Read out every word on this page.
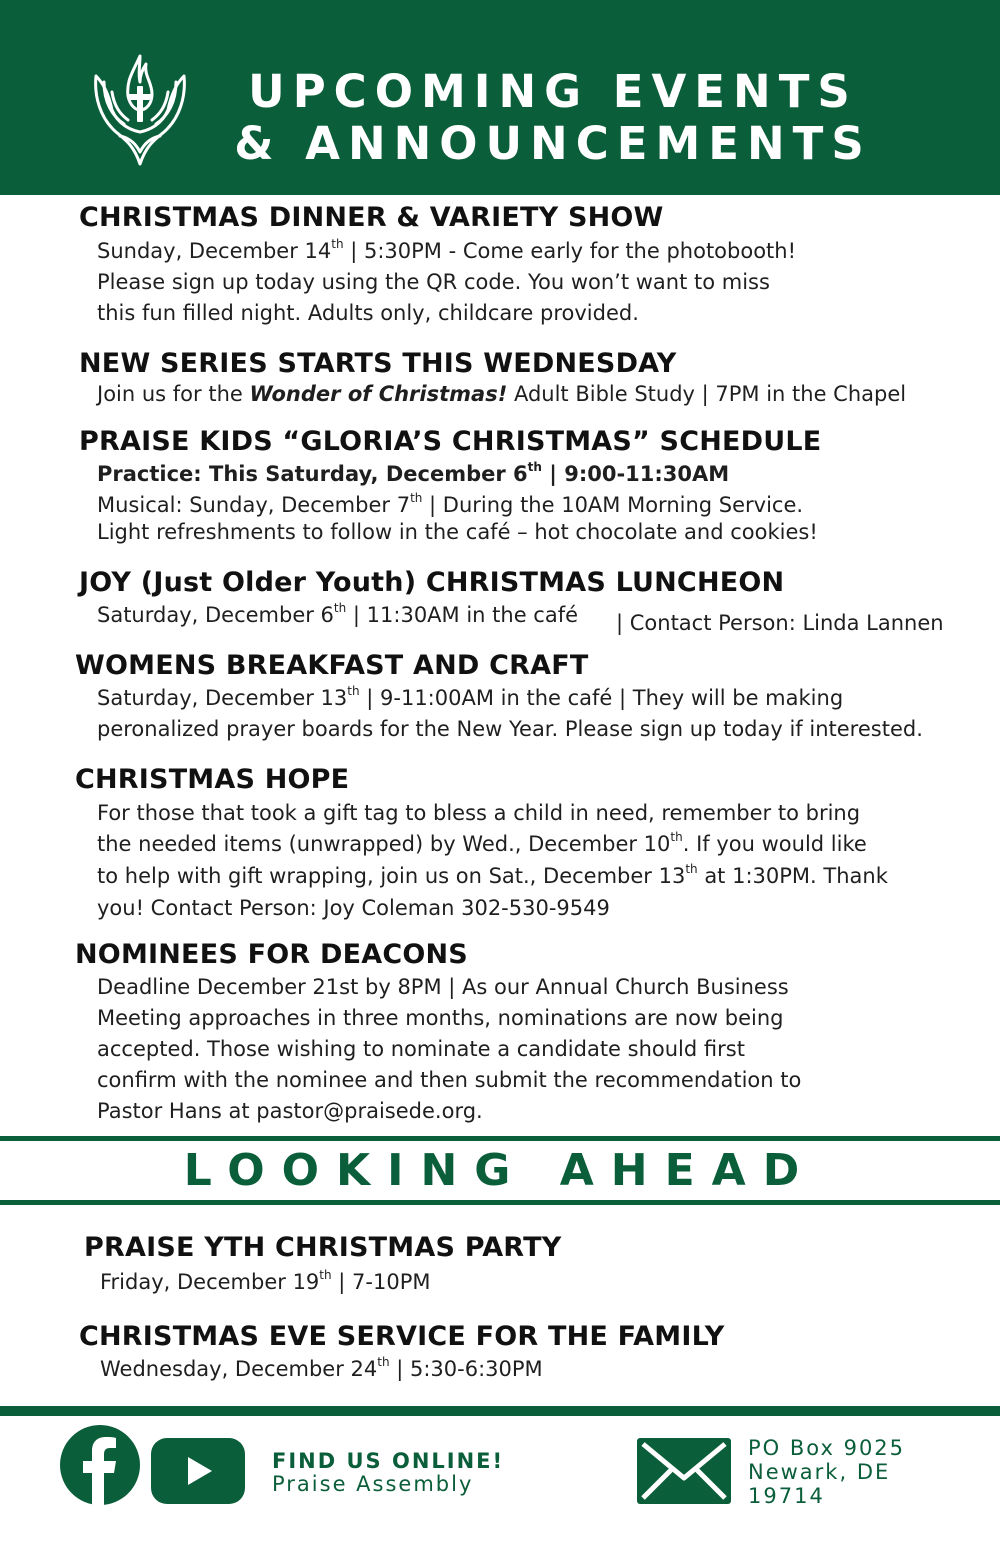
UPCOMING EVENTS
& ANNOUNCEMENTS
CHRISTMAS DINNER & VARIETY SHOW
Sunday, December 14th | 5:30PM - Come early for the photobooth!
Please sign up today using the QR code. You won’t want to miss
this fun filled night. Adults only, childcare provided.
NEW SERIES STARTS THIS WEDNESDAY
Join us for the Wonder of Christmas! Adult Bible Study | 7PM in the Chapel
PRAISE KIDS “GLORIA’S CHRISTMAS” SCHEDULE
Practice: This Saturday, December 6th | 9:00-11:30AM
Musical: Sunday, December 7th | During the 10AM Morning Service.
Light refreshments to follow in the café – hot chocolate and cookies!
JOY (Just Older Youth) CHRISTMAS LUNCHEON
Saturday, December 6th | 11:30AM in the café | Contact Person: Linda Lannen
WOMENS BREAKFAST AND CRAFT
Saturday, December 13th | 9-11:00AM in the café | They will be making
peronalized prayer boards for the New Year. Please sign up today if interested.
CHRISTMAS HOPE
For those that took a gift tag to bless a child in need, remember to bring
the needed items (unwrapped) by Wed., December 10th. If you would like
to help with gift wrapping, join us on Sat., December 13th at 1:30PM. Thank
you! Contact Person: Joy Coleman 302-530-9549
NOMINEES FOR DEACONS
Deadline December 21st by 8PM | As our Annual Church Business
Meeting approaches in three months, nominations are now being
accepted. Those wishing to nominate a candidate should first
confirm with the nominee and then submit the recommendation to
Pastor Hans at pastor@praisede.org.
LOOKING AHEAD
PRAISE YTH CHRISTMAS PARTY
Friday, December 19th | 7-10PM
CHRISTMAS EVE SERVICE FOR THE FAMILY
Wednesday, December 24th | 5:30-6:30PM
FIND US ONLINE!
Praise Assembly
PO Box 9025
Newark, DE
19714
